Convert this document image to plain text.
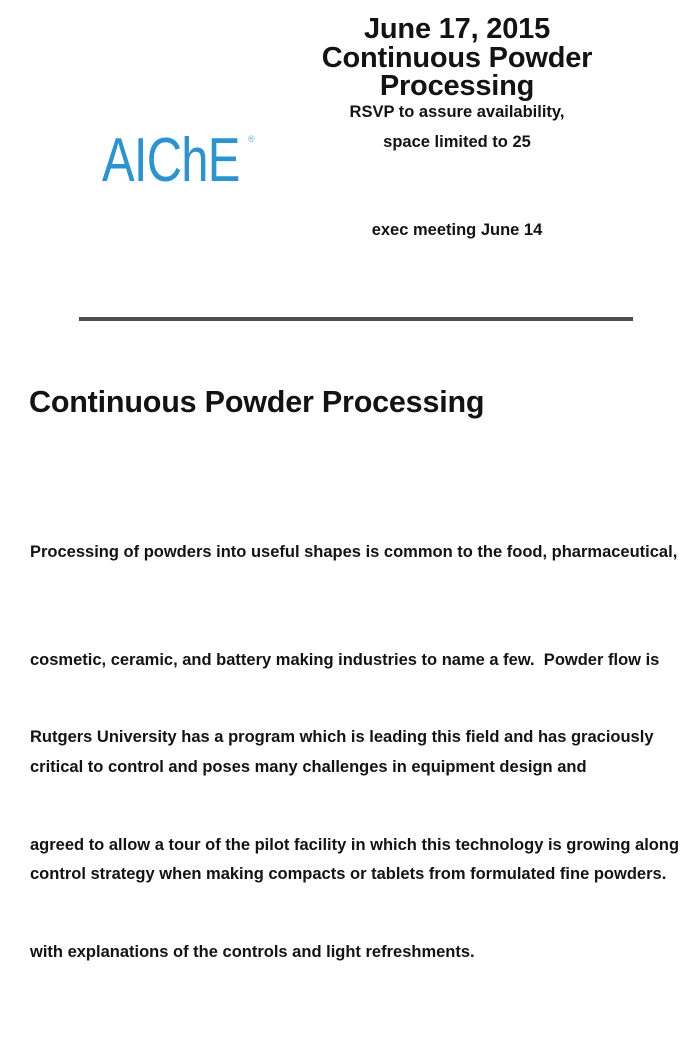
June 17, 2015
Continuous Powder
Processing
RSVP to assure availability,
space limited to 25
exec meeting June 14
AIChE ®
Continuous Powder Processing

Processing of powders into useful shapes is common to the food, pharmaceutical,

cosmetic, ceramic, and battery making industries to name a few.  Powder flow is

critical to control and poses many challenges in equipment design and

control strategy when making compacts or tablets from formulated fine powders.

Rutgers University has a program which is leading this field and has graciously

agreed to allow a tour of the pilot facility in which this technology is growing along

with explanations of the controls and light refreshments.
